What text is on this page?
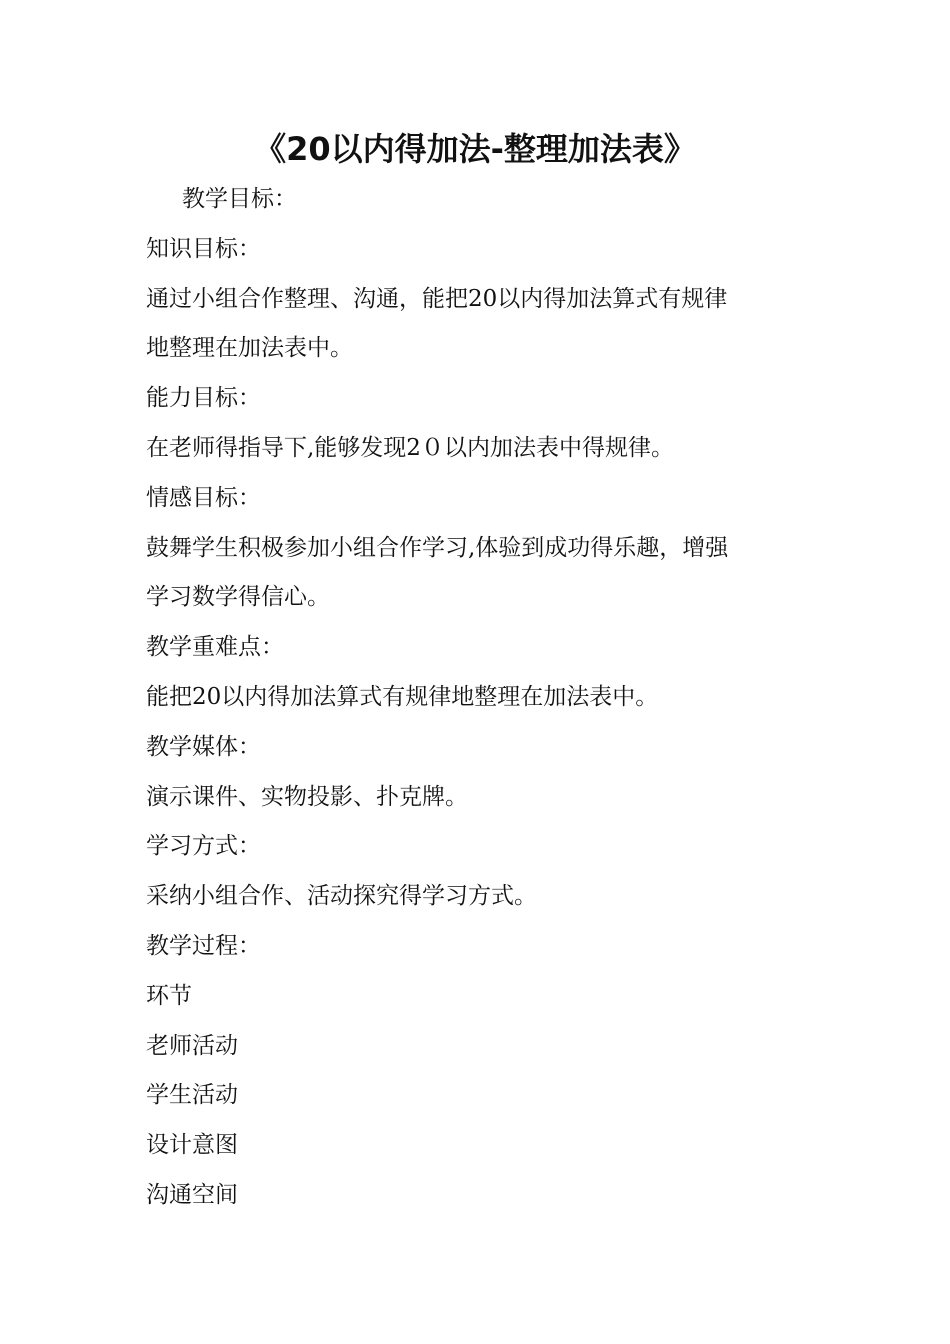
《20以内得加法-整理加法表》
教学目标：
知识目标：
通过小组合作整理、沟通，能把20以内得加法算式有规律
地整理在加法表中。
能力目标：
在老师得指导下,能够发现2０以内加法表中得规律。
情感目标：
鼓舞学生积极参加小组合作学习,体验到成功得乐趣，增强
学习数学得信心。
教学重难点：
能把20以内得加法算式有规律地整理在加法表中。
教学媒体：
演示课件、实物投影、扑克牌。
学习方式：
采纳小组合作、活动探究得学习方式。
教学过程：
环节
老师活动
学生活动
设计意图
沟通空间
